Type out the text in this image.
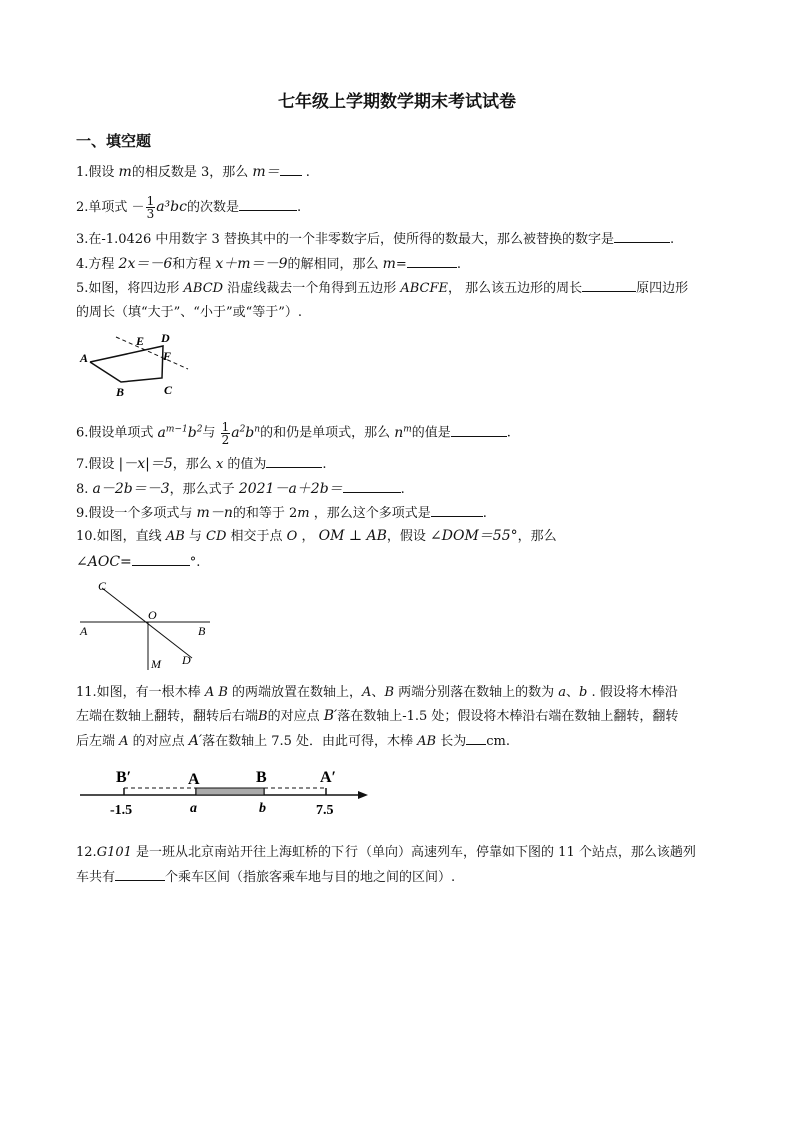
七年级上学期数学期末考试试卷
一、填空题
1.假设 m的相反数是 3，那么 m＝ .
2.单项式 － $\frac{1}{3} a^3bc$的次数是	.
3.在-1.0426 中用数字 3 替换其中的一个非零数字后，使所得的数最大，那么被替换的数字是	.
4.方程 2x＝－6和方程 x＋m＝－9的解相同，那么 m=	.
5.如图，将四边形 ABCD 沿虚线裁去一个角得到五边形 ABCFE， 那么该五边形的周长	原四边形
的周长（填“大于”、“小于”或“等于”）.
A
B	C
D
E
F
6.假设单项式 $a^{m-1}b^2$与 $\frac{1}{2} a^2b^n$的和仍是单项式，那么 $n^m$的值是	.
7.假设 |－x|＝5，那么 x 的值为	.
8. a－2b＝－3，那么式子 2021－a＋2b＝	.
9.假设一个多项式与 m－n的和等于 2m ，那么这个多项式是	.
10.如图，直线 AB 与 CD 相交于点 O ， OM ⊥ AB，假设 ∠DOM＝55°，那么
∠AOC=	°.
A	B
C
D
O
M
11.如图，有一根木棒 A B 的两端放置在数轴上，A、B 两端分别落在数轴上的数为 a、b . 假设将木棒沿
左端在数轴上翻转，翻转后右端B的对应点 B′落在数轴上-1.5 处；假设将木棒沿右端在数轴上翻转，翻转
后左端 A 的对应点 A′落在数轴上 7.5 处．由此可得，木棒 AB 长为 cm.
B′	A	B	A′
-1.5	a	b	7.5
12.G101 是一班从北京南站开往上海虹桥的下行（单向）高速列车，停靠如下图的 11 个站点，那么该趟列
车共有	个乘车区间（指旅客乘车地与目的地之间的区间）.
